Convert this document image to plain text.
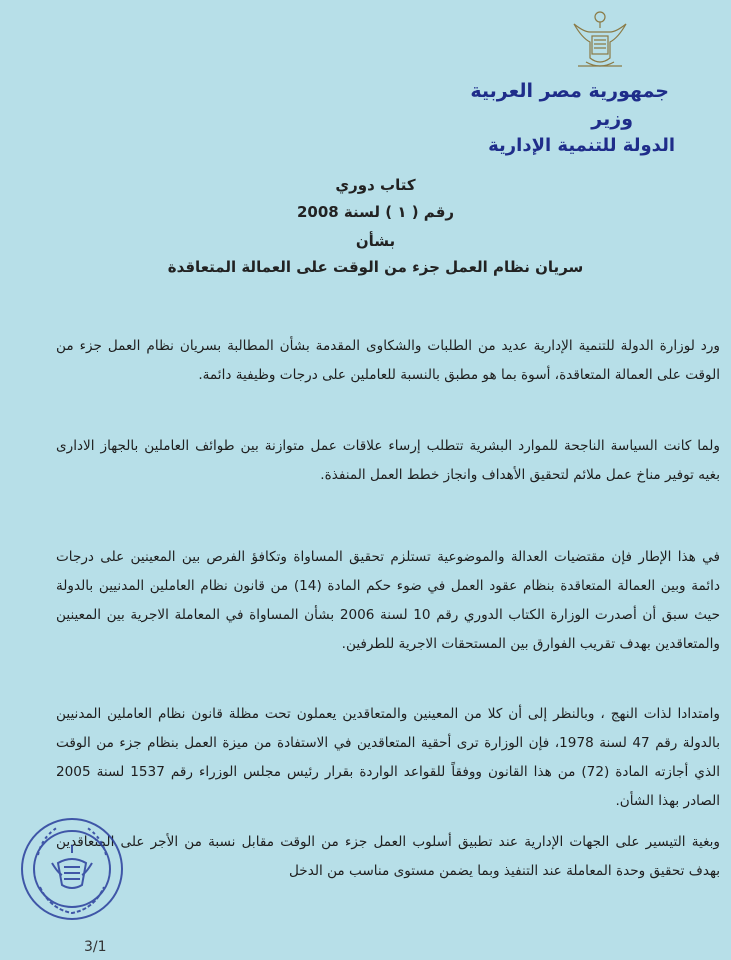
جمهورية مصر العربية
وزير
الدولة للتنمية الإدارية
كتاب دوري
رقم ( ١ ) لسنة 2008
بشأن
سريان نظام العمل جزء من الوقت على العمالة المتعاقدة
ورد لوزارة الدولة للتنمية الإدارية عديد من الطلبات والشكاوى المقدمة بشأن المطالبة بسريان نظام العمل جزء من الوقت على العمالة المتعاقدة، أسوة بما هو مطبق بالنسبة للعاملين على درجات وظيفية دائمة.
ولما كانت السياسة الناجحة للموارد البشرية تتطلب إرساء علاقات عمل متوازنة بين طوائف العاملين بالجهاز الادارى بغيه توفير مناخ عمل ملائم لتحقيق الأهداف وانجاز خطط العمل المنفذة.
في هذا الإطار فإن مقتضيات العدالة والموضوعية تستلزم تحقيق المساواة وتكافؤ الفرص بين المعينين على درجات دائمة وبين العمالة المتعاقدة بنظام عقود العمل في ضوء حكم المادة (14) من قانون نظام العاملين المدنيين بالدولة حيث سبق أن أصدرت الوزارة الكتاب الدوري رقم 10 لسنة 2006 بشأن المساواة في المعاملة الاجرية بين المعينين والمتعاقدين بهدف تقريب الفوارق بين المستحقات الاجرية للطرفين.
وامتدادا لذات النهج ، وبالنظر إلى أن كلا من المعينين والمتعاقدين يعملون تحت مظلة قانون نظام العاملين المدنيين بالدولة رقم 47 لسنة 1978، فإن الوزارة ترى أحقية المتعاقدين في الاستفادة من ميزة العمل بنظام جزء من الوقت الذي أجازته المادة (72) من هذا القانون ووفقاً للقواعد الواردة بقرار رئيس مجلس الوزراء رقم 1537 لسنة 2005 الصادر بهذا الشأن.
وبغية التيسير على الجهات الإدارية عند تطبيق أسلوب العمل جزء من الوقت مقابل نسبة من الأجر على المتعاقدين بهدف تحقيق وحدة المعاملة عند التنفيذ وبما يضمن مستوى مناسب من الدخل
3/1
